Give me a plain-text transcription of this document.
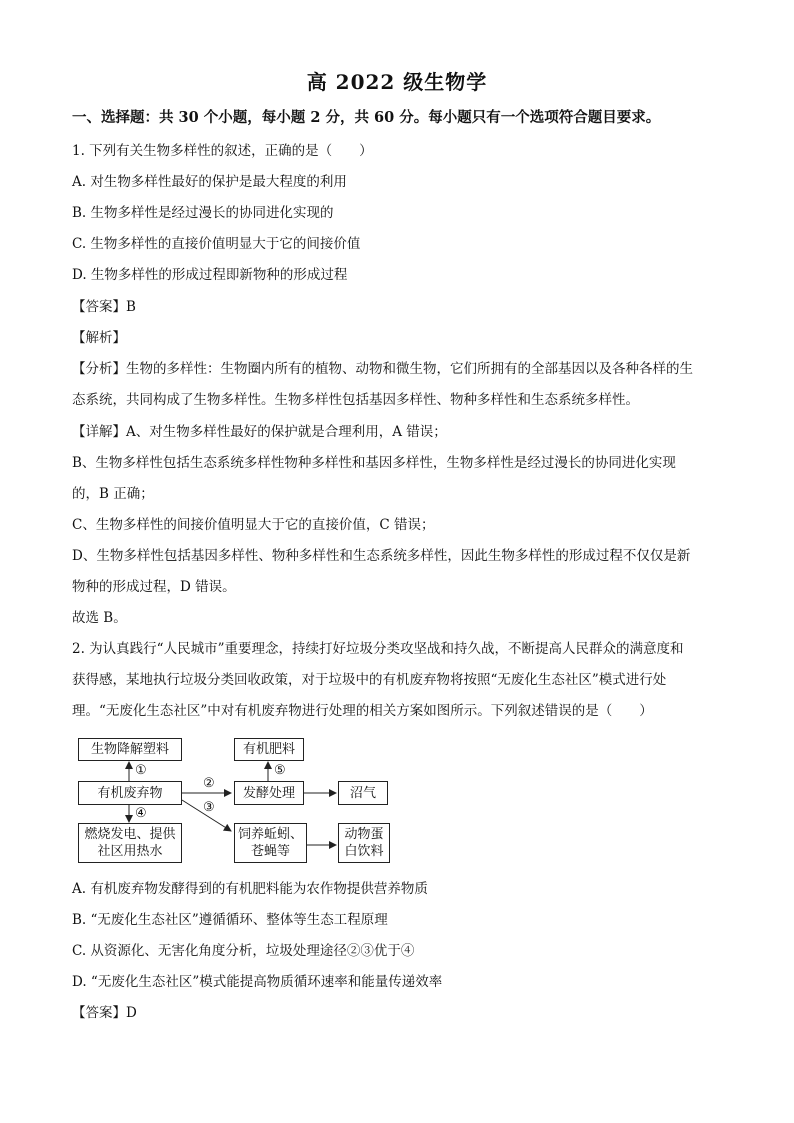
高 2022 级生物学
一、选择题：共 30 个小题，每小题 2 分，共 60 分。每小题只有一个选项符合题目要求。
1. 下列有关生物多样性的叙述，正确的是（　　）
A. 对生物多样性最好的保护是最大程度的利用
B. 生物多样性是经过漫长的协同进化实现的
C. 生物多样性的直接价值明显大于它的间接价值
D. 生物多样性的形成过程即新物种的形成过程
【答案】B
【解析】
【分析】生物的多样性：生物圈内所有的植物、动物和微生物，它们所拥有的全部基因以及各种各样的生
态系统，共同构成了生物多样性。生物多样性包括基因多样性、物种多样性和生态系统多样性。
【详解】A、对生物多样性最好的保护就是合理利用，A 错误；
B、生物多样性包括生态系统多样性物种多样性和基因多样性，生物多样性是经过漫长的协同进化实现
的，B 正确；
C、生物多样性的间接价值明显大于它的直接价值，C 错误；
D、生物多样性包括基因多样性、物种多样性和生态系统多样性，因此生物多样性的形成过程不仅仅是新
物种的形成过程，D 错误。
故选 B。
2. 为认真践行“人民城市”重要理念，持续打好垃圾分类攻坚战和持久战，不断提高人民群众的满意度和
获得感，某地执行垃圾分类回收政策，对于垃圾中的有机废弃物将按照“无废化生态社区”模式进行处
理。“无废化生态社区”中对有机废弃物进行处理的相关方案如图所示。下列叙述错误的是（　　）
生物降解塑料	有机肥料
有机废弃物	发酵处理	沼气
燃烧发电、提供
社区用热水
饲养蚯蚓、
苍蝇等
动物蛋
白饮料
①
②
③
④
⑤
A. 有机废弃物发酵得到的有机肥料能为农作物提供营养物质
B. “无废化生态社区”遵循循环、整体等生态工程原理
C. 从资源化、无害化角度分析，垃圾处理途径②③优于④
D. “无废化生态社区”模式能提高物质循环速率和能量传递效率
【答案】D
